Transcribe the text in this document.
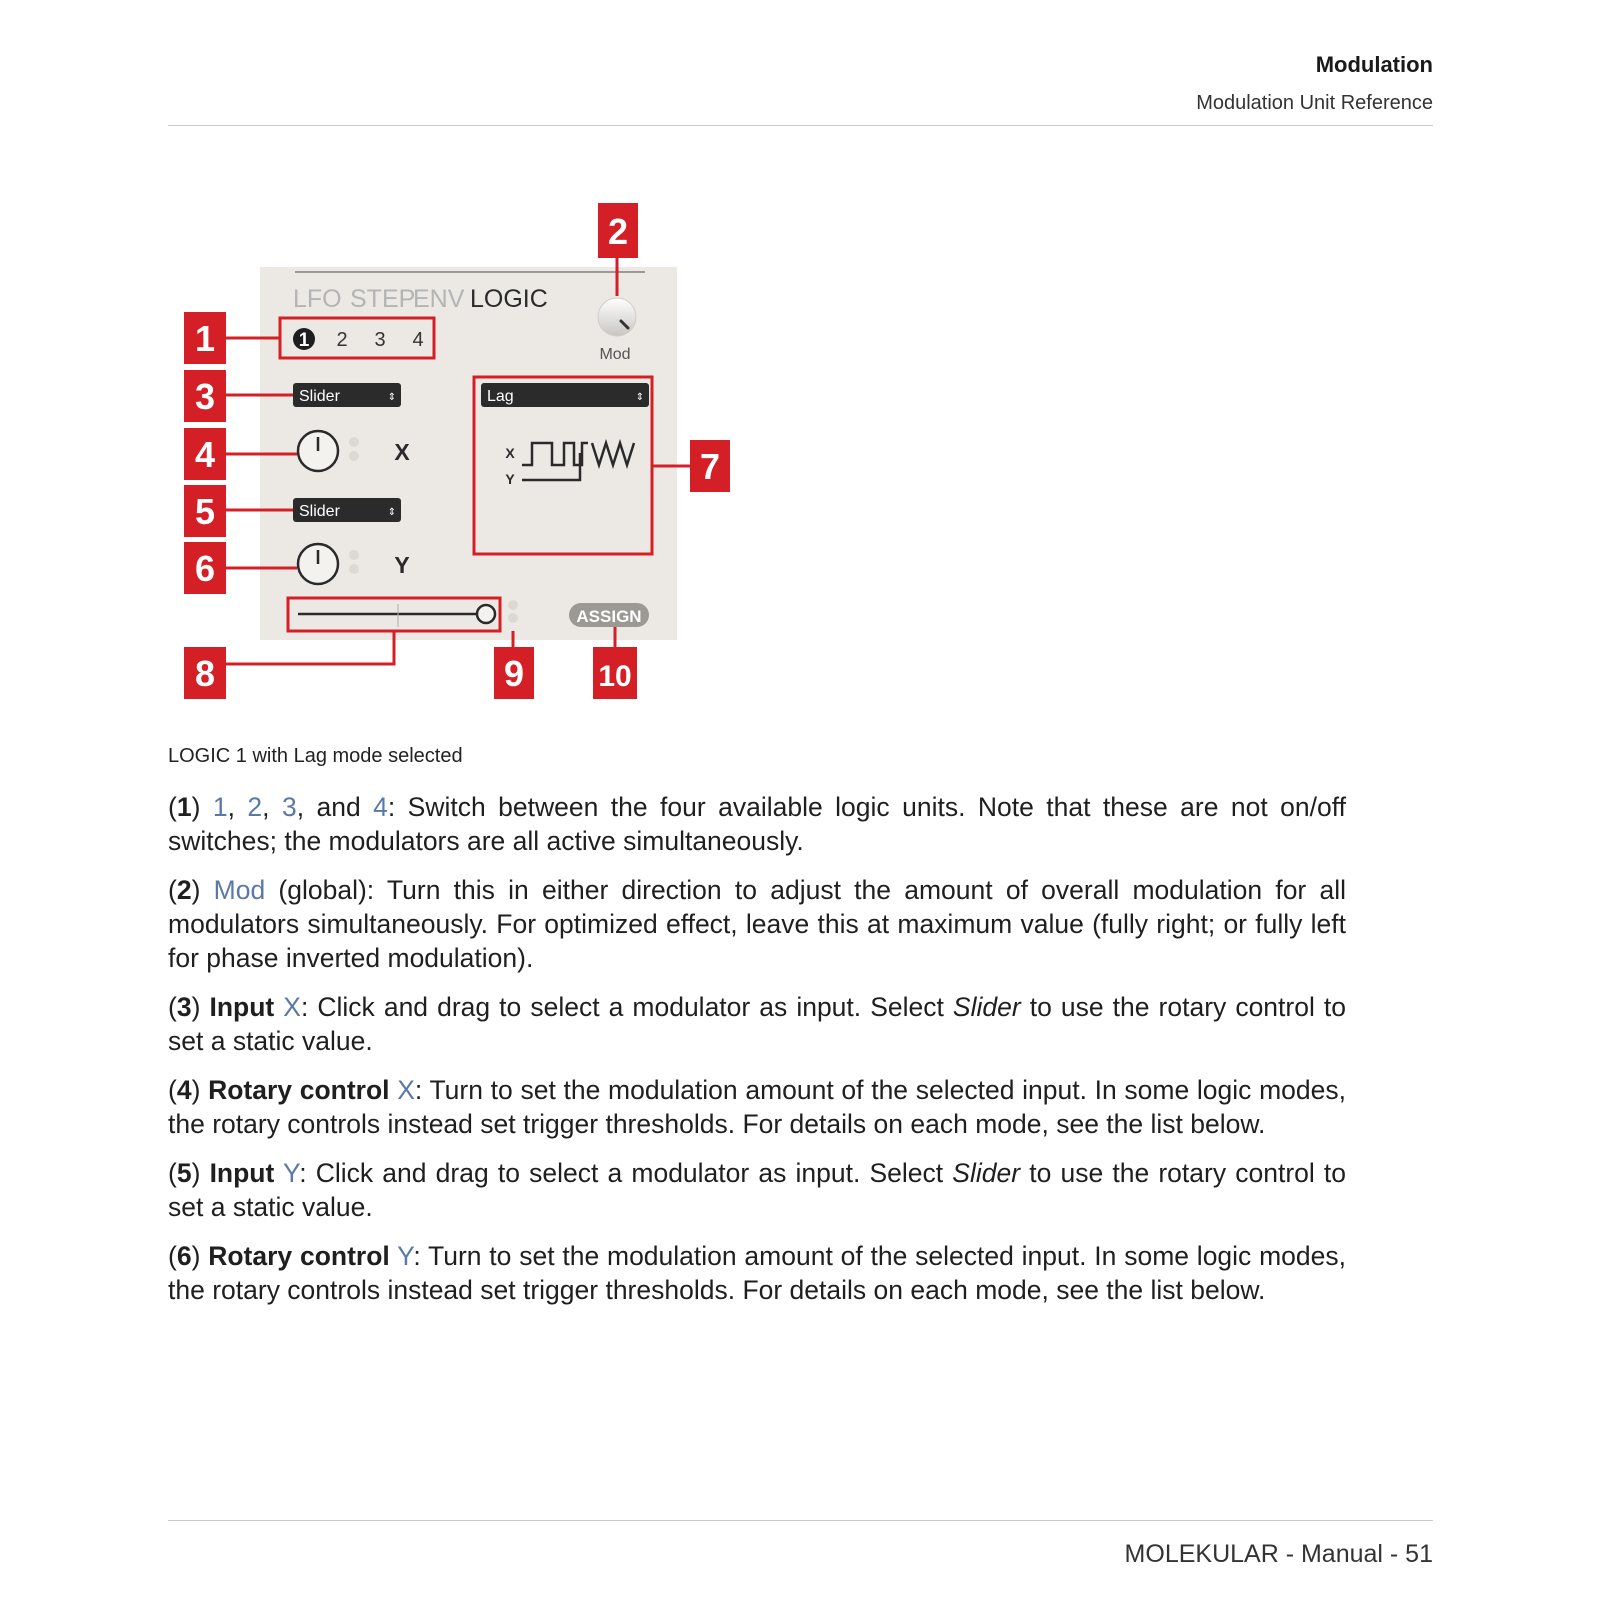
Modulation
Modulation Unit Reference
LFO STEP
ENV LOGIC
1 2 3 4
Mod
Slider	⇕
X
Slider	⇕
Y
Lag	⇕
X
Y
ASSIGN
1
2
3
4
5
6
7
8	9 10
LOGIC 1 with Lag mode selected

(1) 1, 2, 3, and 4: Switch between the four available logic units. Note that these are not on/off switches; the modulators are all active simultaneously.

(2) Mod (global): Turn this in either direction to adjust the amount of overall modulation for all modulators simultaneously. For optimized effect, leave this at maximum value (fully right; or fully left for phase inverted modulation).

(3) Input X: Click and drag to select a modulator as input. Select Slider to use the rotary control to set a static value.

(4) Rotary control X: Turn to set the modulation amount of the selected input. In some logic modes, the rotary controls instead set trigger thresholds. For details on each mode, see the list below.

(5) Input Y: Click and drag to select a modulator as input. Select Slider to use the rotary control to set a static value.

(6) Rotary control Y: Turn to set the modulation amount of the selected input. In some logic modes, the rotary controls instead set trigger thresholds. For details on each mode, see the list below.

MOLEKULAR - Manual - 51
